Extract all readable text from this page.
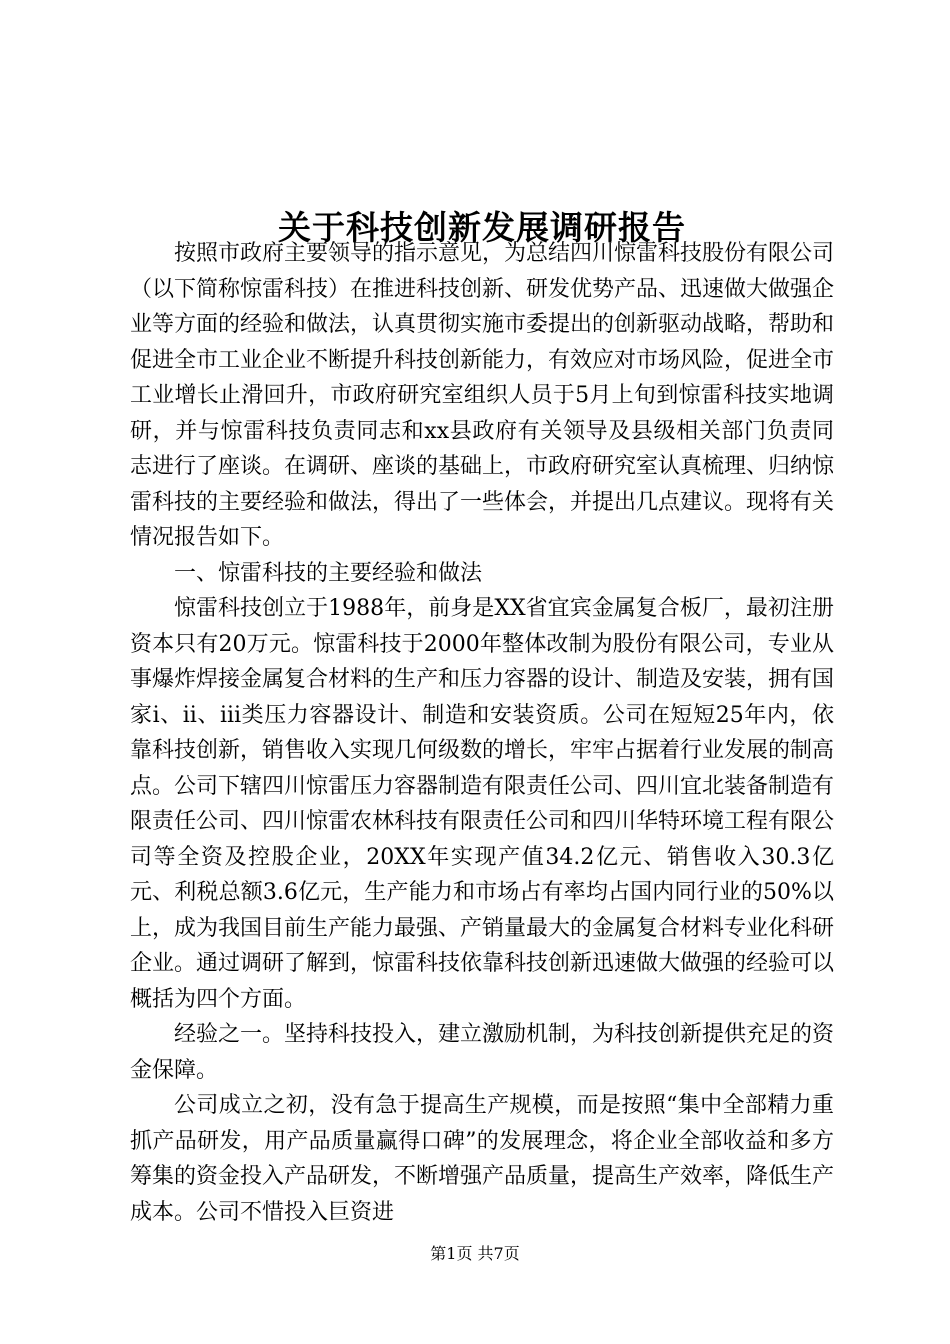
关于科技创新发展调研报告

按照市政府主要领导的指示意见，为总结四川惊雷科技股份有限公司（以下简称惊雷科技）在推进科技创新、研发优势产品、迅速做大做强企业等方面的经验和做法，认真贯彻实施市委提出的创新驱动战略，帮助和促进全市工业企业不断提升科技创新能力，有效应对市场风险，促进全市工业增长止滑回升，市政府研究室组织人员于5月上旬到惊雷科技实地调研，并与惊雷科技负责同志和xx县政府有关领导及县级相关部门负责同志进行了座谈。在调研、座谈的基础上，市政府研究室认真梳理、归纳惊雷科技的主要经验和做法，得出了一些体会，并提出几点建议。现将有关情况报告如下。

一、惊雷科技的主要经验和做法

惊雷科技创立于1988年，前身是XX省宜宾金属复合板厂，最初注册资本只有20万元。惊雷科技于2000年整体改制为股份有限公司，专业从事爆炸焊接金属复合材料的生产和压力容器的设计、制造及安装，拥有国家ⅰ、ⅱ、ⅲ类压力容器设计、制造和安装资质。公司在短短25年内，依靠科技创新，销售收入实现几何级数的增长，牢牢占据着行业发展的制高点。公司下辖四川惊雷压力容器制造有限责任公司、四川宜北装备制造有限责任公司、四川惊雷农林科技有限责任公司和四川华特环境工程有限公司等全资及控股企业，20XX年实现产值34.2亿元、销售收入30.3亿元、利税总额3.6亿元，生产能力和市场占有率均占国内同行业的50%以上，成为我国目前生产能力最强、产销量最大的金属复合材料专业化科研企业。通过调研了解到，惊雷科技依靠科技创新迅速做大做强的经验可以概括为四个方面。

经验之一。坚持科技投入，建立激励机制，为科技创新提供充足的资金保障。

公司成立之初，没有急于提高生产规模，而是按照“集中全部精力重抓产品研发，用产品质量赢得口碑”的发展理念，将企业全部收益和多方筹集的资金投入产品研发，不断增强产品质量，提高生产效率，降低生产成本。公司不惜投入巨资进

第1页 共7页
